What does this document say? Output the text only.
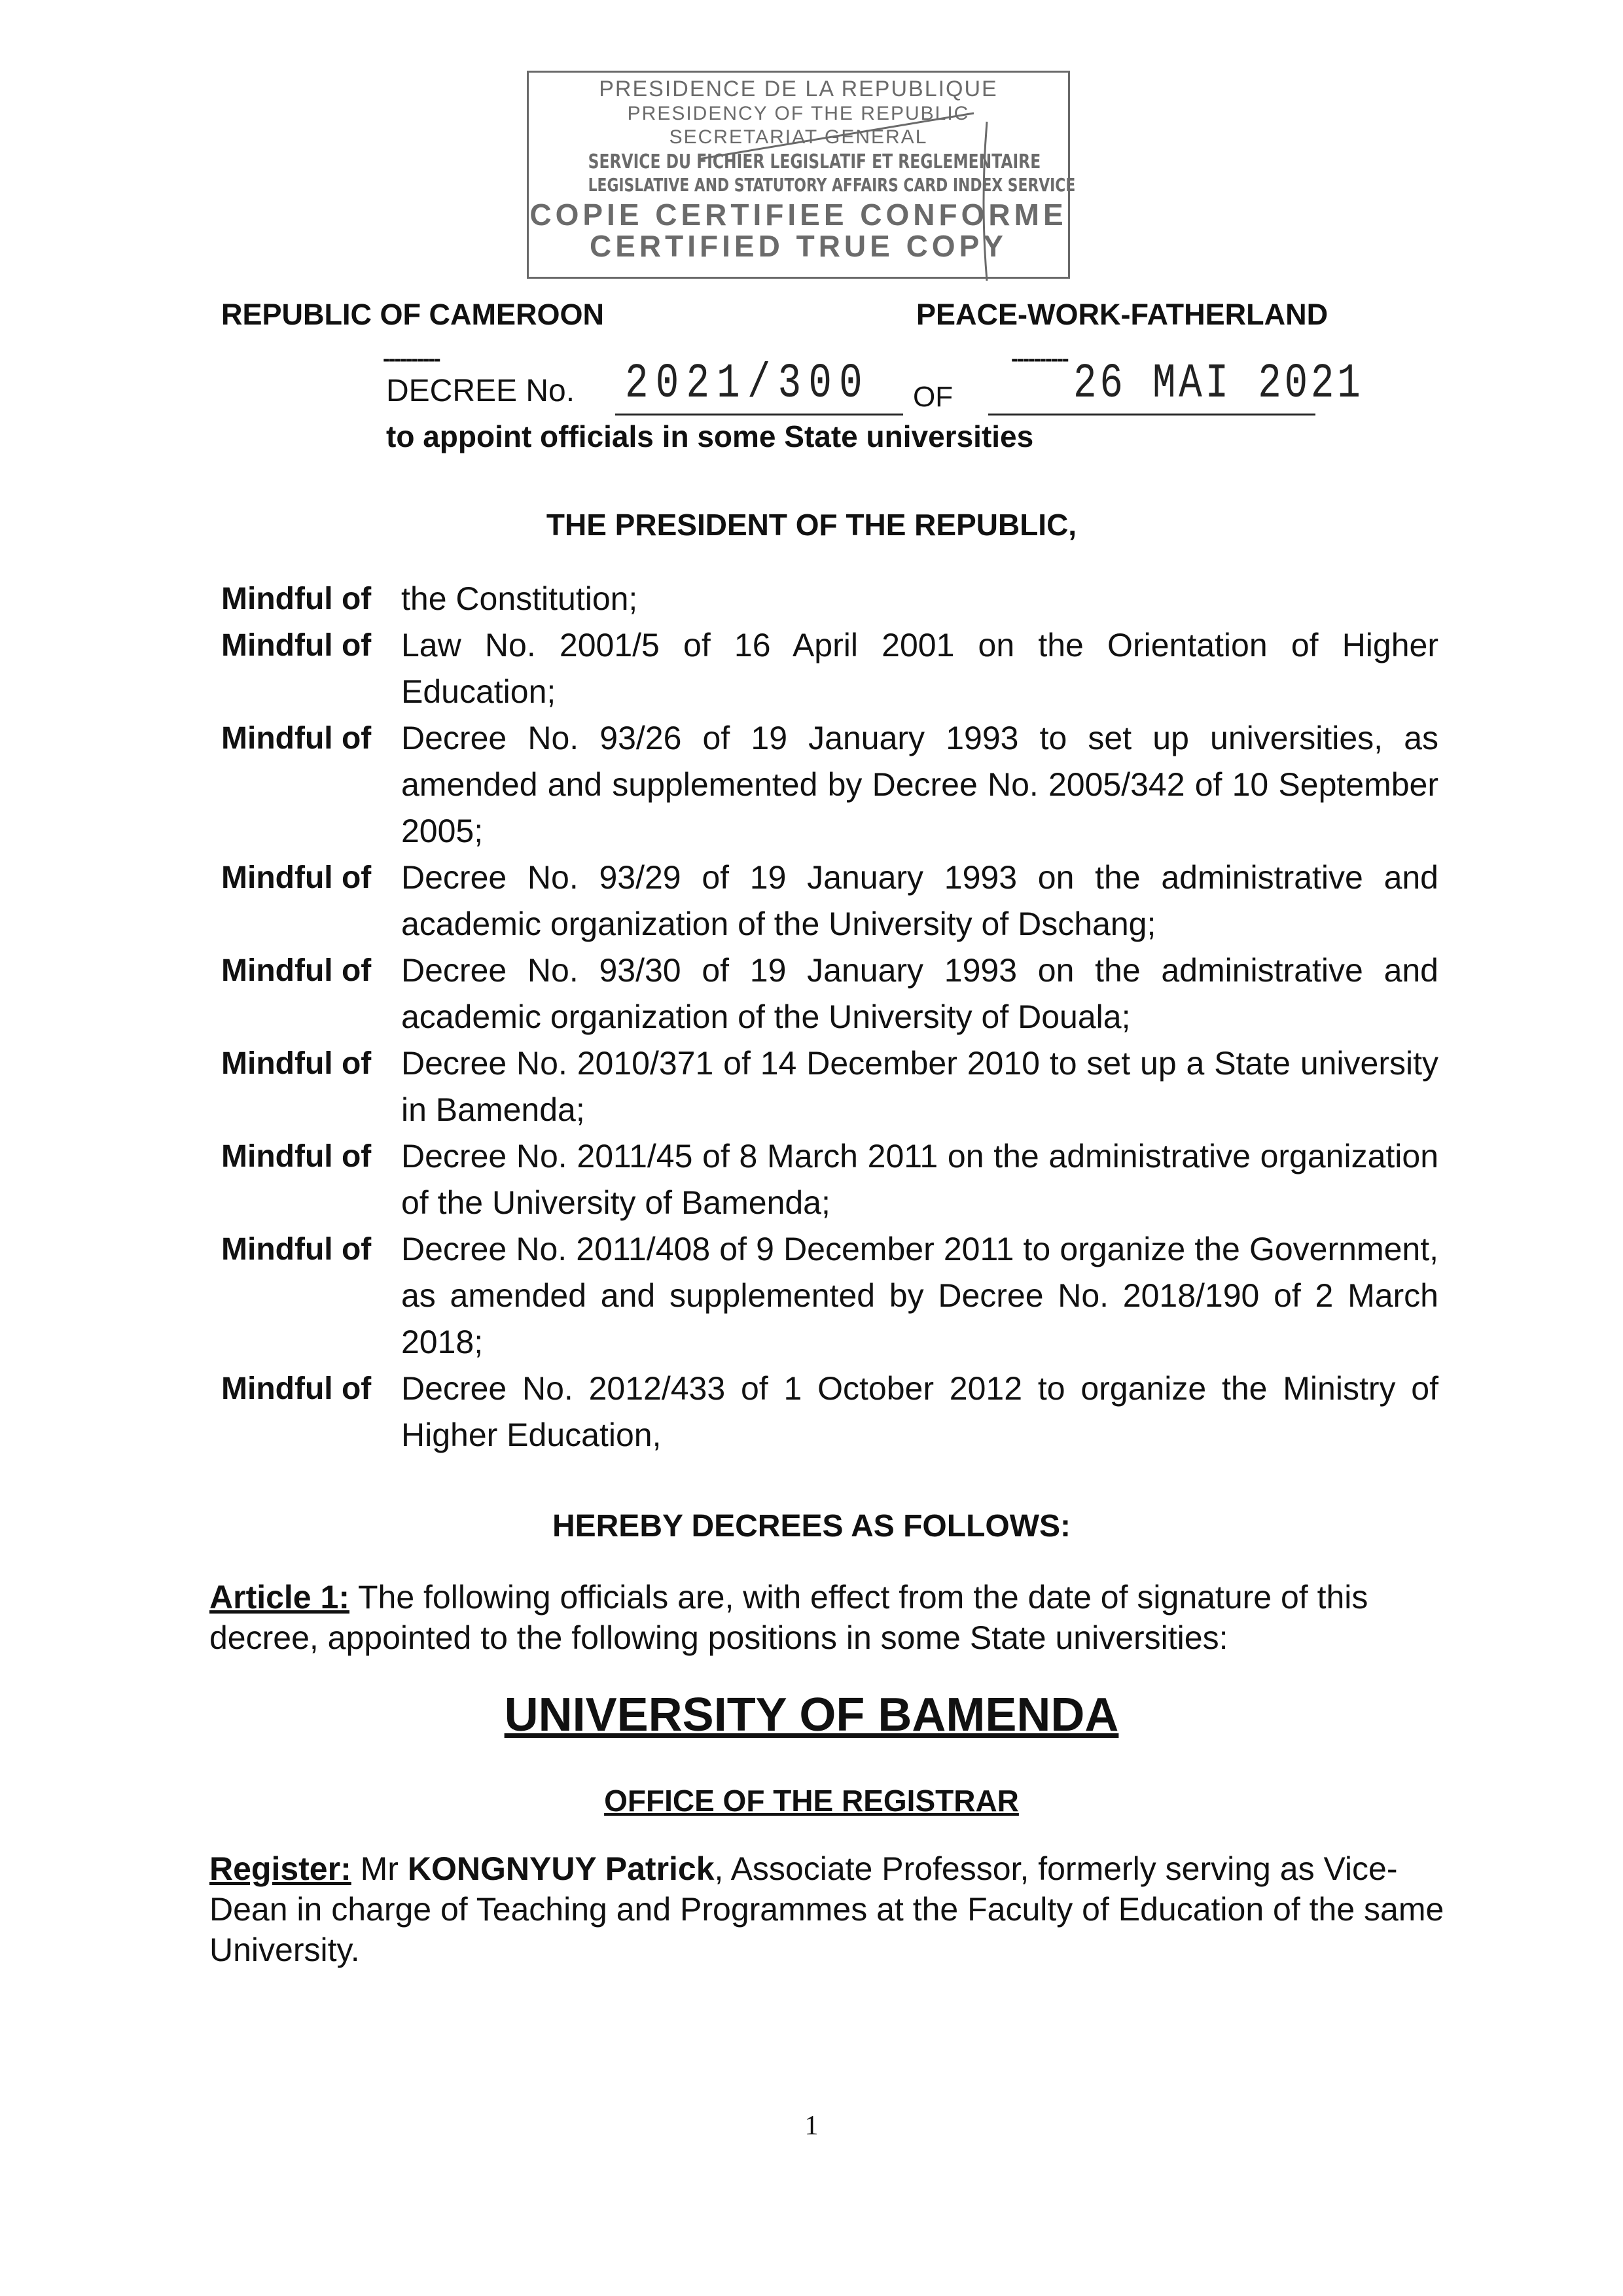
PRESIDENCE DE LA REPUBLIQUE
PRESIDENCY OF THE REPUBLIC
SECRETARIAT GENERAL
SERVICE DU FICHIER LEGISLATIF ET REGLEMENTAIRE
LEGISLATIVE AND STATUTORY AFFAIRS CARD INDEX SERVICE
COPIE CERTIFIEE CONFORME
CERTIFIED TRUE COPY
REPUBLIC OF CAMEROON	PEACE-WORK-FATHERLAND
----------	----------
DECREE No. 2021/300 OF 26 MAI 2021
to appoint officials in some State universities
THE PRESIDENT OF THE REPUBLIC,
Mindful of the Constitution;
Mindful of Law No. 2001/5 of 16 April 2001 on the Orientation of Higher Education;
Mindful of Decree No. 93/26 of 19 January 1993 to set up universities, as amended and supplemented by Decree No. 2005/342 of 10 September 2005;
Mindful of Decree No. 93/29 of 19 January 1993 on the administrative and academic organization of the University of Dschang;
Mindful of Decree No. 93/30 of 19 January 1993 on the administrative and academic organization of the University of Douala;
Mindful of Decree No. 2010/371 of 14 December 2010 to set up a State university in Bamenda;
Mindful of Decree No. 2011/45 of 8 March 2011 on the administrative organization of the University of Bamenda;
Mindful of Decree No. 2011/408 of 9 December 2011 to organize the Government, as amended and supplemented by Decree No. 2018/190 of 2 March 2018;
Mindful of Decree No. 2012/433 of 1 October 2012 to organize the Ministry of Higher Education,
HEREBY DECREES AS FOLLOWS:
Article 1: The following officials are, with effect from the date of signature of this decree, appointed to the following positions in some State universities:
UNIVERSITY OF BAMENDA
OFFICE OF THE REGISTRAR
Register: Mr KONGNYUY Patrick, Associate Professor, formerly serving as Vice-Dean in charge of Teaching and Programmes at the Faculty of Education of the same University.
1
